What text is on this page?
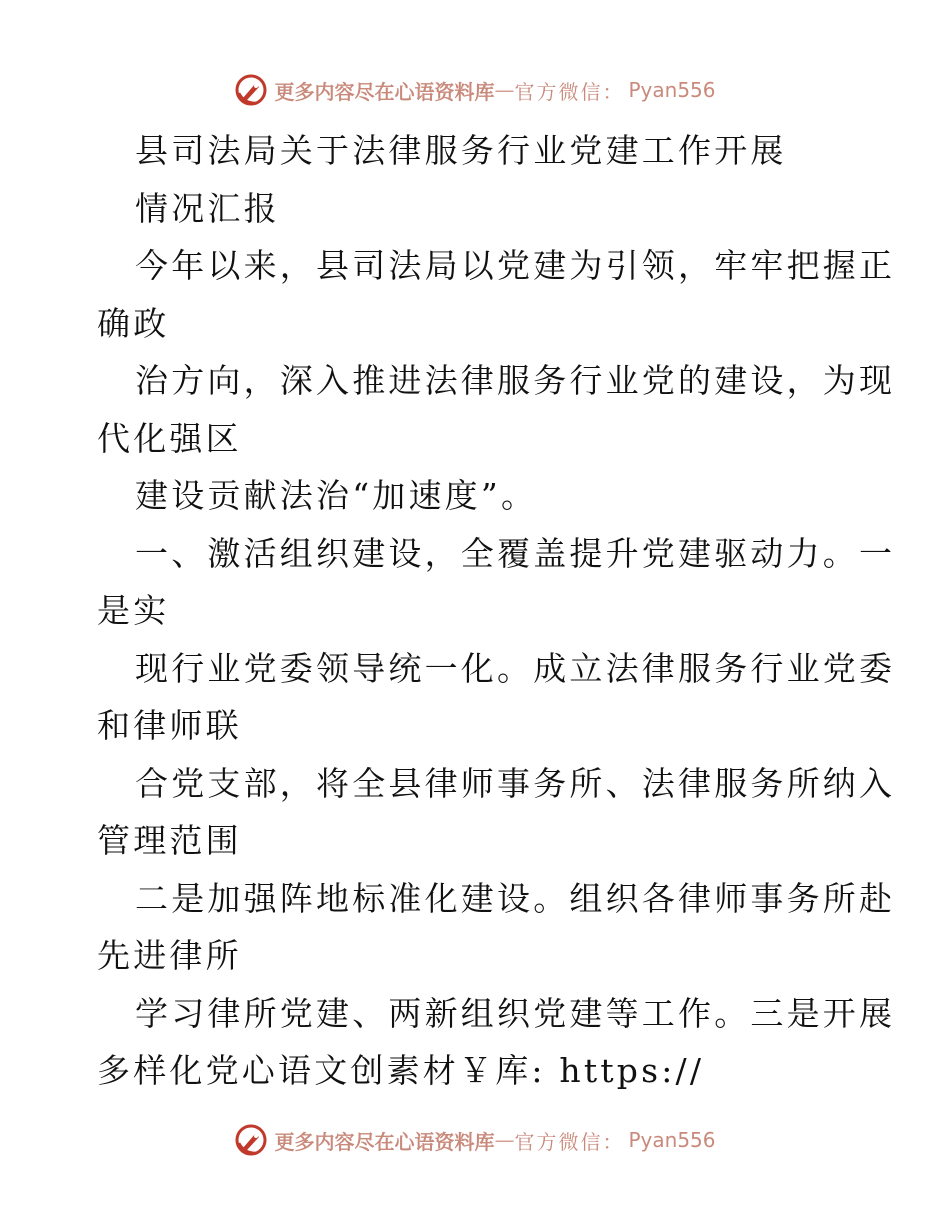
更多内容尽在心语资料库 — 官方微信： Pyan556
县司法局关于法律服务行业党建工作开展
情况汇报
今年以来，县司法局以党建为引领，牢牢把握正
确政
治方向，深入推进法律服务行业党的建设，为现
代化强区
建设贡献法治“加速度”。
一、激活组织建设，全覆盖提升党建驱动力。一
是实
现行业党委领导统一化。成立法律服务行业党委
和律师联
合党支部，将全县律师事务所、法律服务所纳入
管理范围
二是加强阵地标准化建设。组织各律师事务所赴
先进律所
学习律所党建、两新组织党建等工作。三是开展
多样化党心语文创素材￥库: https://
更多内容尽在心语资料库 — 官方微信： Pyan556
